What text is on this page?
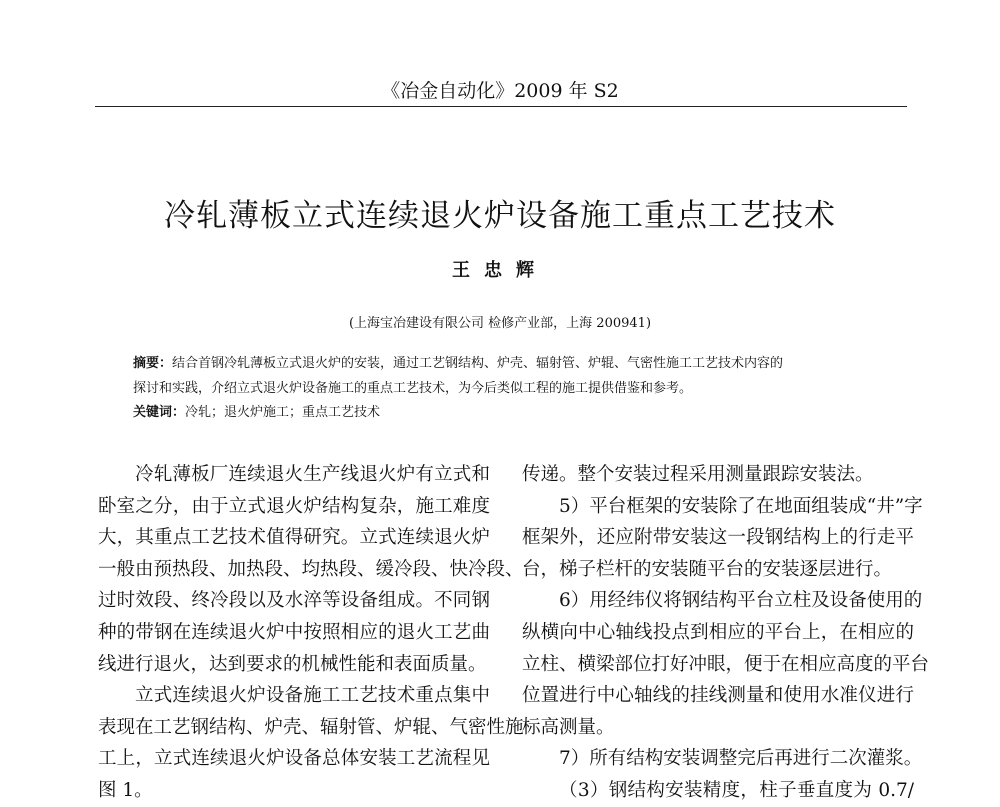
《冶金自动化》2009 年 S2
冷轧薄板立式连续退火炉设备施工重点工艺技术
王忠辉
(上海宝冶建设有限公司 检修产业部，上海 200941)
摘要：结合首钢冷轧薄板立式退火炉的安装，通过工艺钢结构、炉壳、辐射管、炉辊、气密性施工工艺技术内容的
探讨和实践，介绍立式退火炉设备施工的重点工艺技术，为今后类似工程的施工提供借鉴和参考。
关键词：冷轧；退火炉施工；重点工艺技术
冷轧薄板厂连续退火生产线退火炉有立式和
卧室之分，由于立式退火炉结构复杂，施工难度
大，其重点工艺技术值得研究。立式连续退火炉
一般由预热段、加热段、均热段、缓冷段、快冷段、
过时效段、终冷段以及水淬等设备组成。不同钢
种的带钢在连续退火炉中按照相应的退火工艺曲
线进行退火，达到要求的机械性能和表面质量。
立式连续退火炉设备施工工艺技术重点集中
表现在工艺钢结构、炉壳、辐射管、炉辊、气密性施
工上，立式连续退火炉设备总体安装工艺流程见
图 1。
传递。整个安装过程采用测量跟踪安装法。
5）平台框架的安装除了在地面组装成“井”字
框架外，还应附带安装这一段钢结构上的行走平
台，梯子栏杆的安装随平台的安装逐层进行。
6）用经纬仪将钢结构平台立柱及设备使用的
纵横向中心轴线投点到相应的平台上，在相应的
立柱、横梁部位打好冲眼，便于在相应高度的平台
位置进行中心轴线的挂线测量和使用水准仪进行
标高测量。
7）所有结构安装调整完后再进行二次灌浆。
（3）钢结构安装精度，柱子垂直度为 0.7/
